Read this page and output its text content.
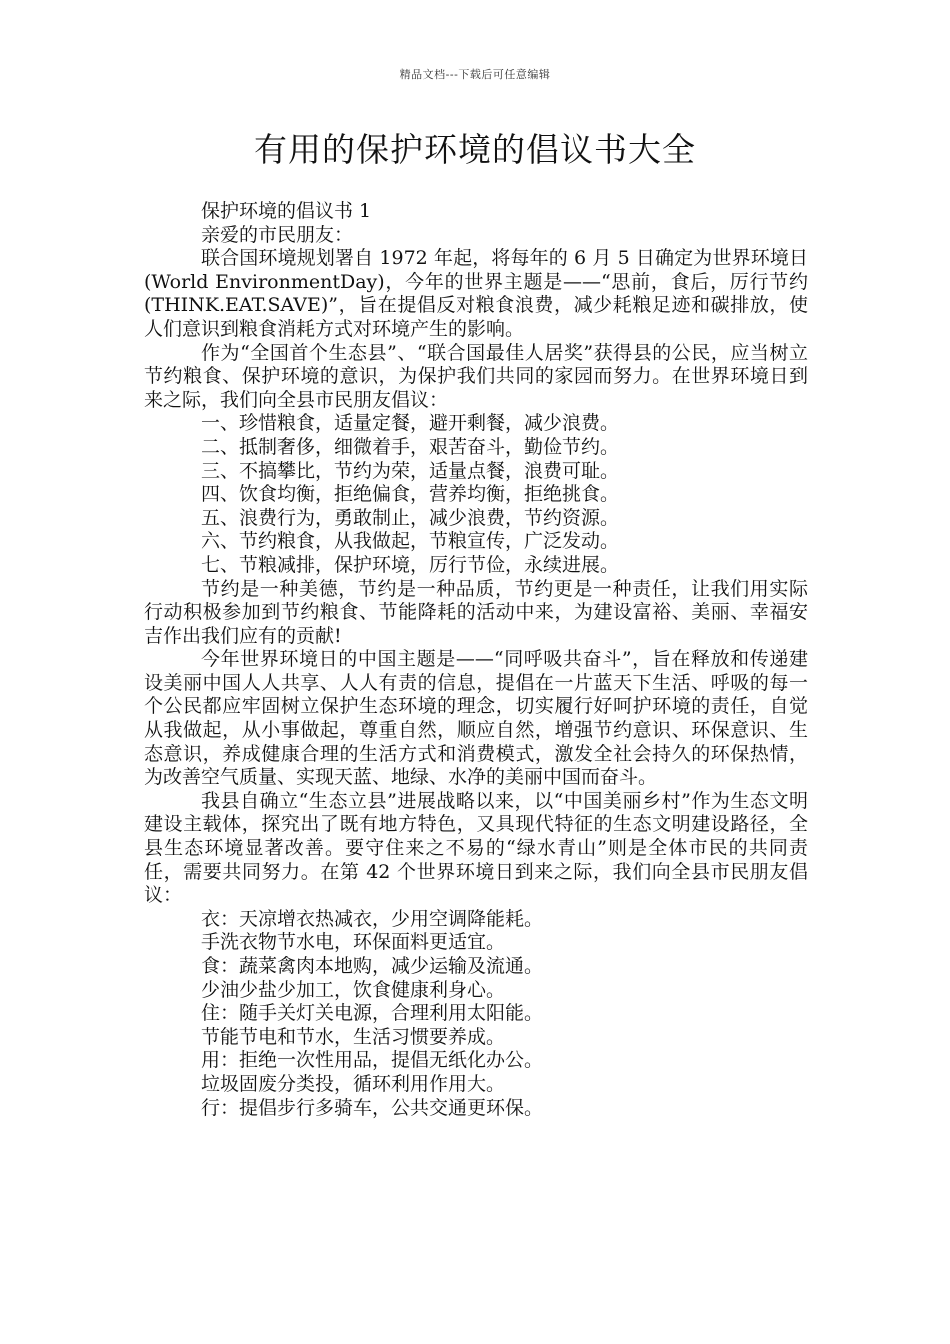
精品文档---下载后可任意编辑
有用的保护环境的倡议书大全

保护环境的倡议书 1

亲爱的市民朋友：

联合国环境规划署自 1972 年起，将每年的 6 月 5 日确定为世界环境日(World EnvironmentDay)，今年的世界主题是——“思前，食后，厉行节约(THINK.EAT.SAVE)”，旨在提倡反对粮食浪费，减少耗粮足迹和碳排放，使人们意识到粮食消耗方式对环境产生的影响。

作为“全国首个生态县”、“联合国最佳人居奖”获得县的公民，应当树立节约粮食、保护环境的意识，为保护我们共同的家园而努力。在世界环境日到来之际，我们向全县市民朋友倡议：

一、珍惜粮食，适量定餐，避开剩餐，减少浪费。

二、抵制奢侈，细微着手，艰苦奋斗，勤俭节约。

三、不搞攀比，节约为荣，适量点餐，浪费可耻。

四、饮食均衡，拒绝偏食，营养均衡，拒绝挑食。

五、浪费行为，勇敢制止，减少浪费，节约资源。

六、节约粮食，从我做起，节粮宣传，广泛发动。

七、节粮减排，保护环境，厉行节俭，永续进展。

节约是一种美德，节约是一种品质，节约更是一种责任，让我们用实际行动积极参加到节约粮食、节能降耗的活动中来，为建设富裕、美丽、幸福安吉作出我们应有的贡献!

今年世界环境日的中国主题是——“同呼吸共奋斗”，旨在释放和传递建设美丽中国人人共享、人人有责的信息，提倡在一片蓝天下生活、呼吸的每一个公民都应牢固树立保护生态环境的理念，切实履行好呵护环境的责任，自觉从我做起，从小事做起，尊重自然，顺应自然，增强节约意识、环保意识、生态意识，养成健康合理的生活方式和消费模式，激发全社会持久的环保热情，为改善空气质量、实现天蓝、地绿、水净的美丽中国而奋斗。

我县自确立“生态立县”进展战略以来，以“中国美丽乡村”作为生态文明建设主载体，探究出了既有地方特色，又具现代特征的生态文明建设路径，全县生态环境显著改善。要守住来之不易的“绿水青山”则是全体市民的共同责任，需要共同努力。在第 42 个世界环境日到来之际，我们向全县市民朋友倡议：

衣：天凉增衣热减衣，少用空调降能耗。

手洗衣物节水电，环保面料更适宜。

食：蔬菜禽肉本地购，减少运输及流通。

少油少盐少加工，饮食健康利身心。

住：随手关灯关电源，合理利用太阳能。

节能节电和节水，生活习惯要养成。

用：拒绝一次性用品，提倡无纸化办公。

垃圾固废分类投，循环利用作用大。

行：提倡步行多骑车，公共交通更环保。
